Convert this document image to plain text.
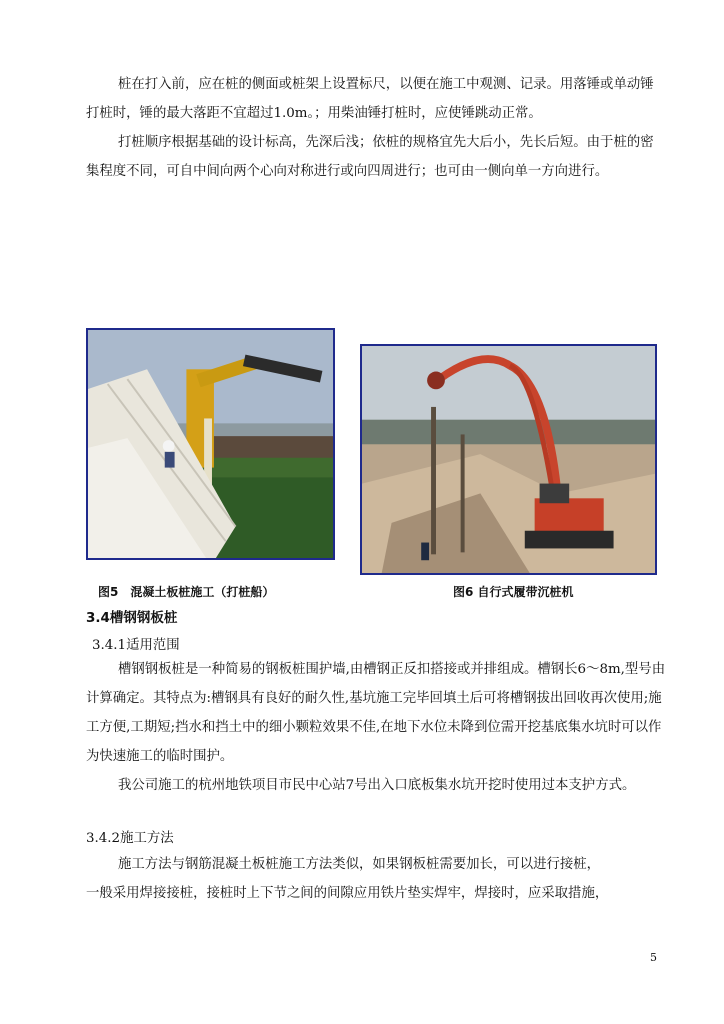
桩在打入前，应在桩的侧面或桩架上设置标尺，以便在施工中观测、记录。用落锤或单动锤打桩时，锤的最大落距不宜超过1.0m。；用柴油锤打桩时，应使锤跳动正常。

打桩顺序根据基础的设计标高，先深后浅；依桩的规格宜先大后小，先长后短。由于桩的密集程度不同，可自中间向两个心向对称进行或向四周进行；也可由一侧向单一方向进行。

图5　混凝土板桩施工（打桩船）	图6 自行式履带沉桩机
3.4槽钢钢板桩
3.4.1适用范围

槽钢钢板桩是一种简易的钢板桩围护墙,由槽钢正反扣搭接或并排组成。槽钢长6～8m,型号由计算确定。其特点为:槽钢具有良好的耐久性,基坑施工完毕回填土后可将槽钢拔出回收再次使用;施工方便,工期短;挡水和挡土中的细小颗粒效果不佳,在地下水位未降到位需开挖基底集水坑时可以作为快速施工的临时围护。

我公司施工的杭州地铁项目市民中心站7号出入口底板集水坑开挖时使用过本支护方式。

3.4.2施工方法

施工方法与钢筋混凝土板桩施工方法类似，如果钢板桩需要加长，可以进行接桩，

一般采用焊接接桩，接桩时上下节之间的间隙应用铁片垫实焊牢，焊接时，应采取措施，

5
